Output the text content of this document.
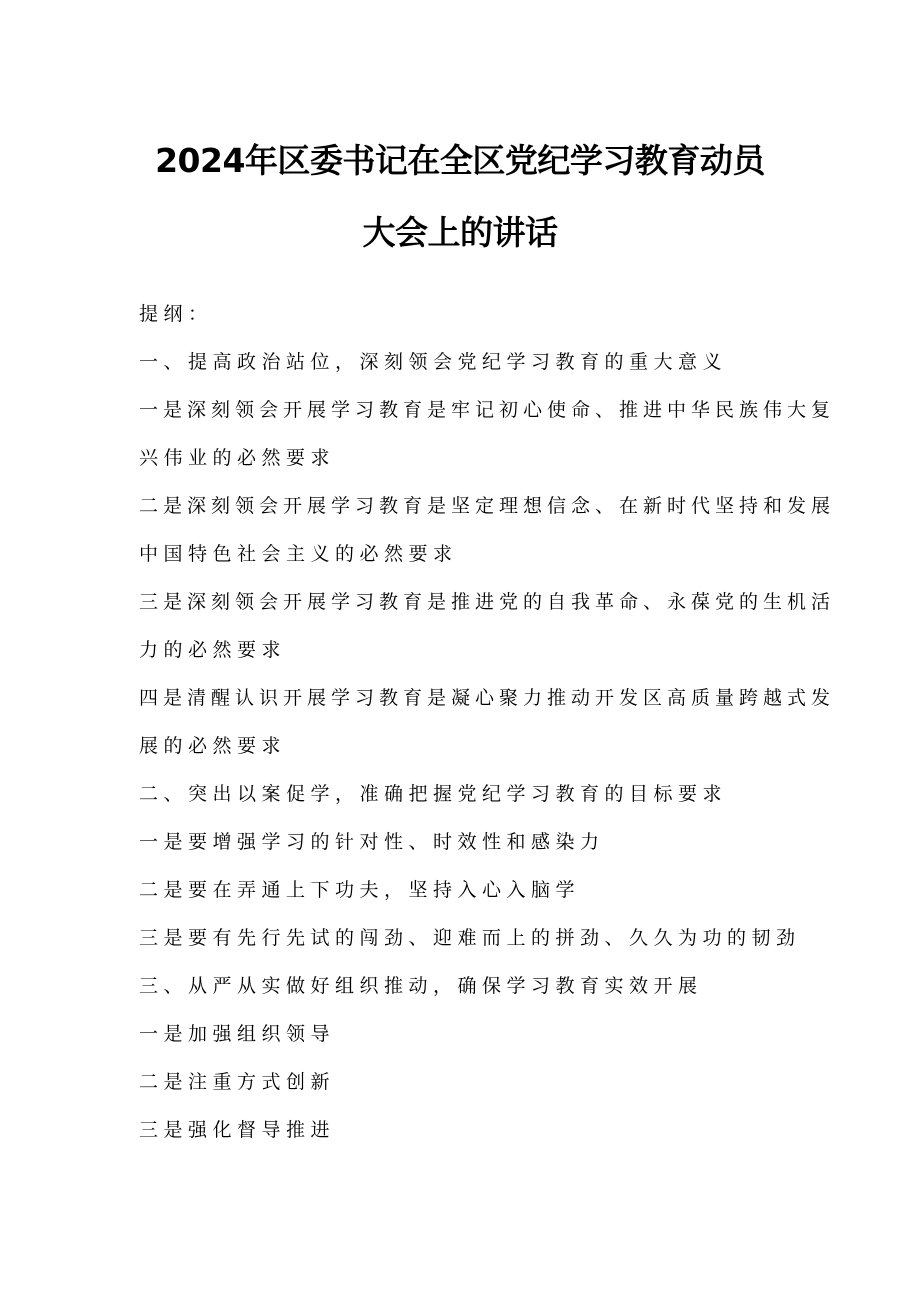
2024年区委书记在全区党纪学习教育动员
大会上的讲话
提纲：
一、提高政治站位，深刻领会党纪学习教育的重大意义
一是深刻领会开展学习教育是牢记初心使命、推进中华民族伟大复
兴伟业的必然要求
二是深刻领会开展学习教育是坚定理想信念、在新时代坚持和发展
中国特色社会主义的必然要求
三是深刻领会开展学习教育是推进党的自我革命、永葆党的生机活
力的必然要求
四是清醒认识开展学习教育是凝心聚力推动开发区高质量跨越式发
展的必然要求
二、突出以案促学，准确把握党纪学习教育的目标要求
一是要增强学习的针对性、时效性和感染力
二是要在弄通上下功夫，坚持入心入脑学
三是要有先行先试的闯劲、迎难而上的拼劲、久久为功的韧劲
三、从严从实做好组织推动，确保学习教育实效开展
一是加强组织领导
二是注重方式创新
三是强化督导推进
